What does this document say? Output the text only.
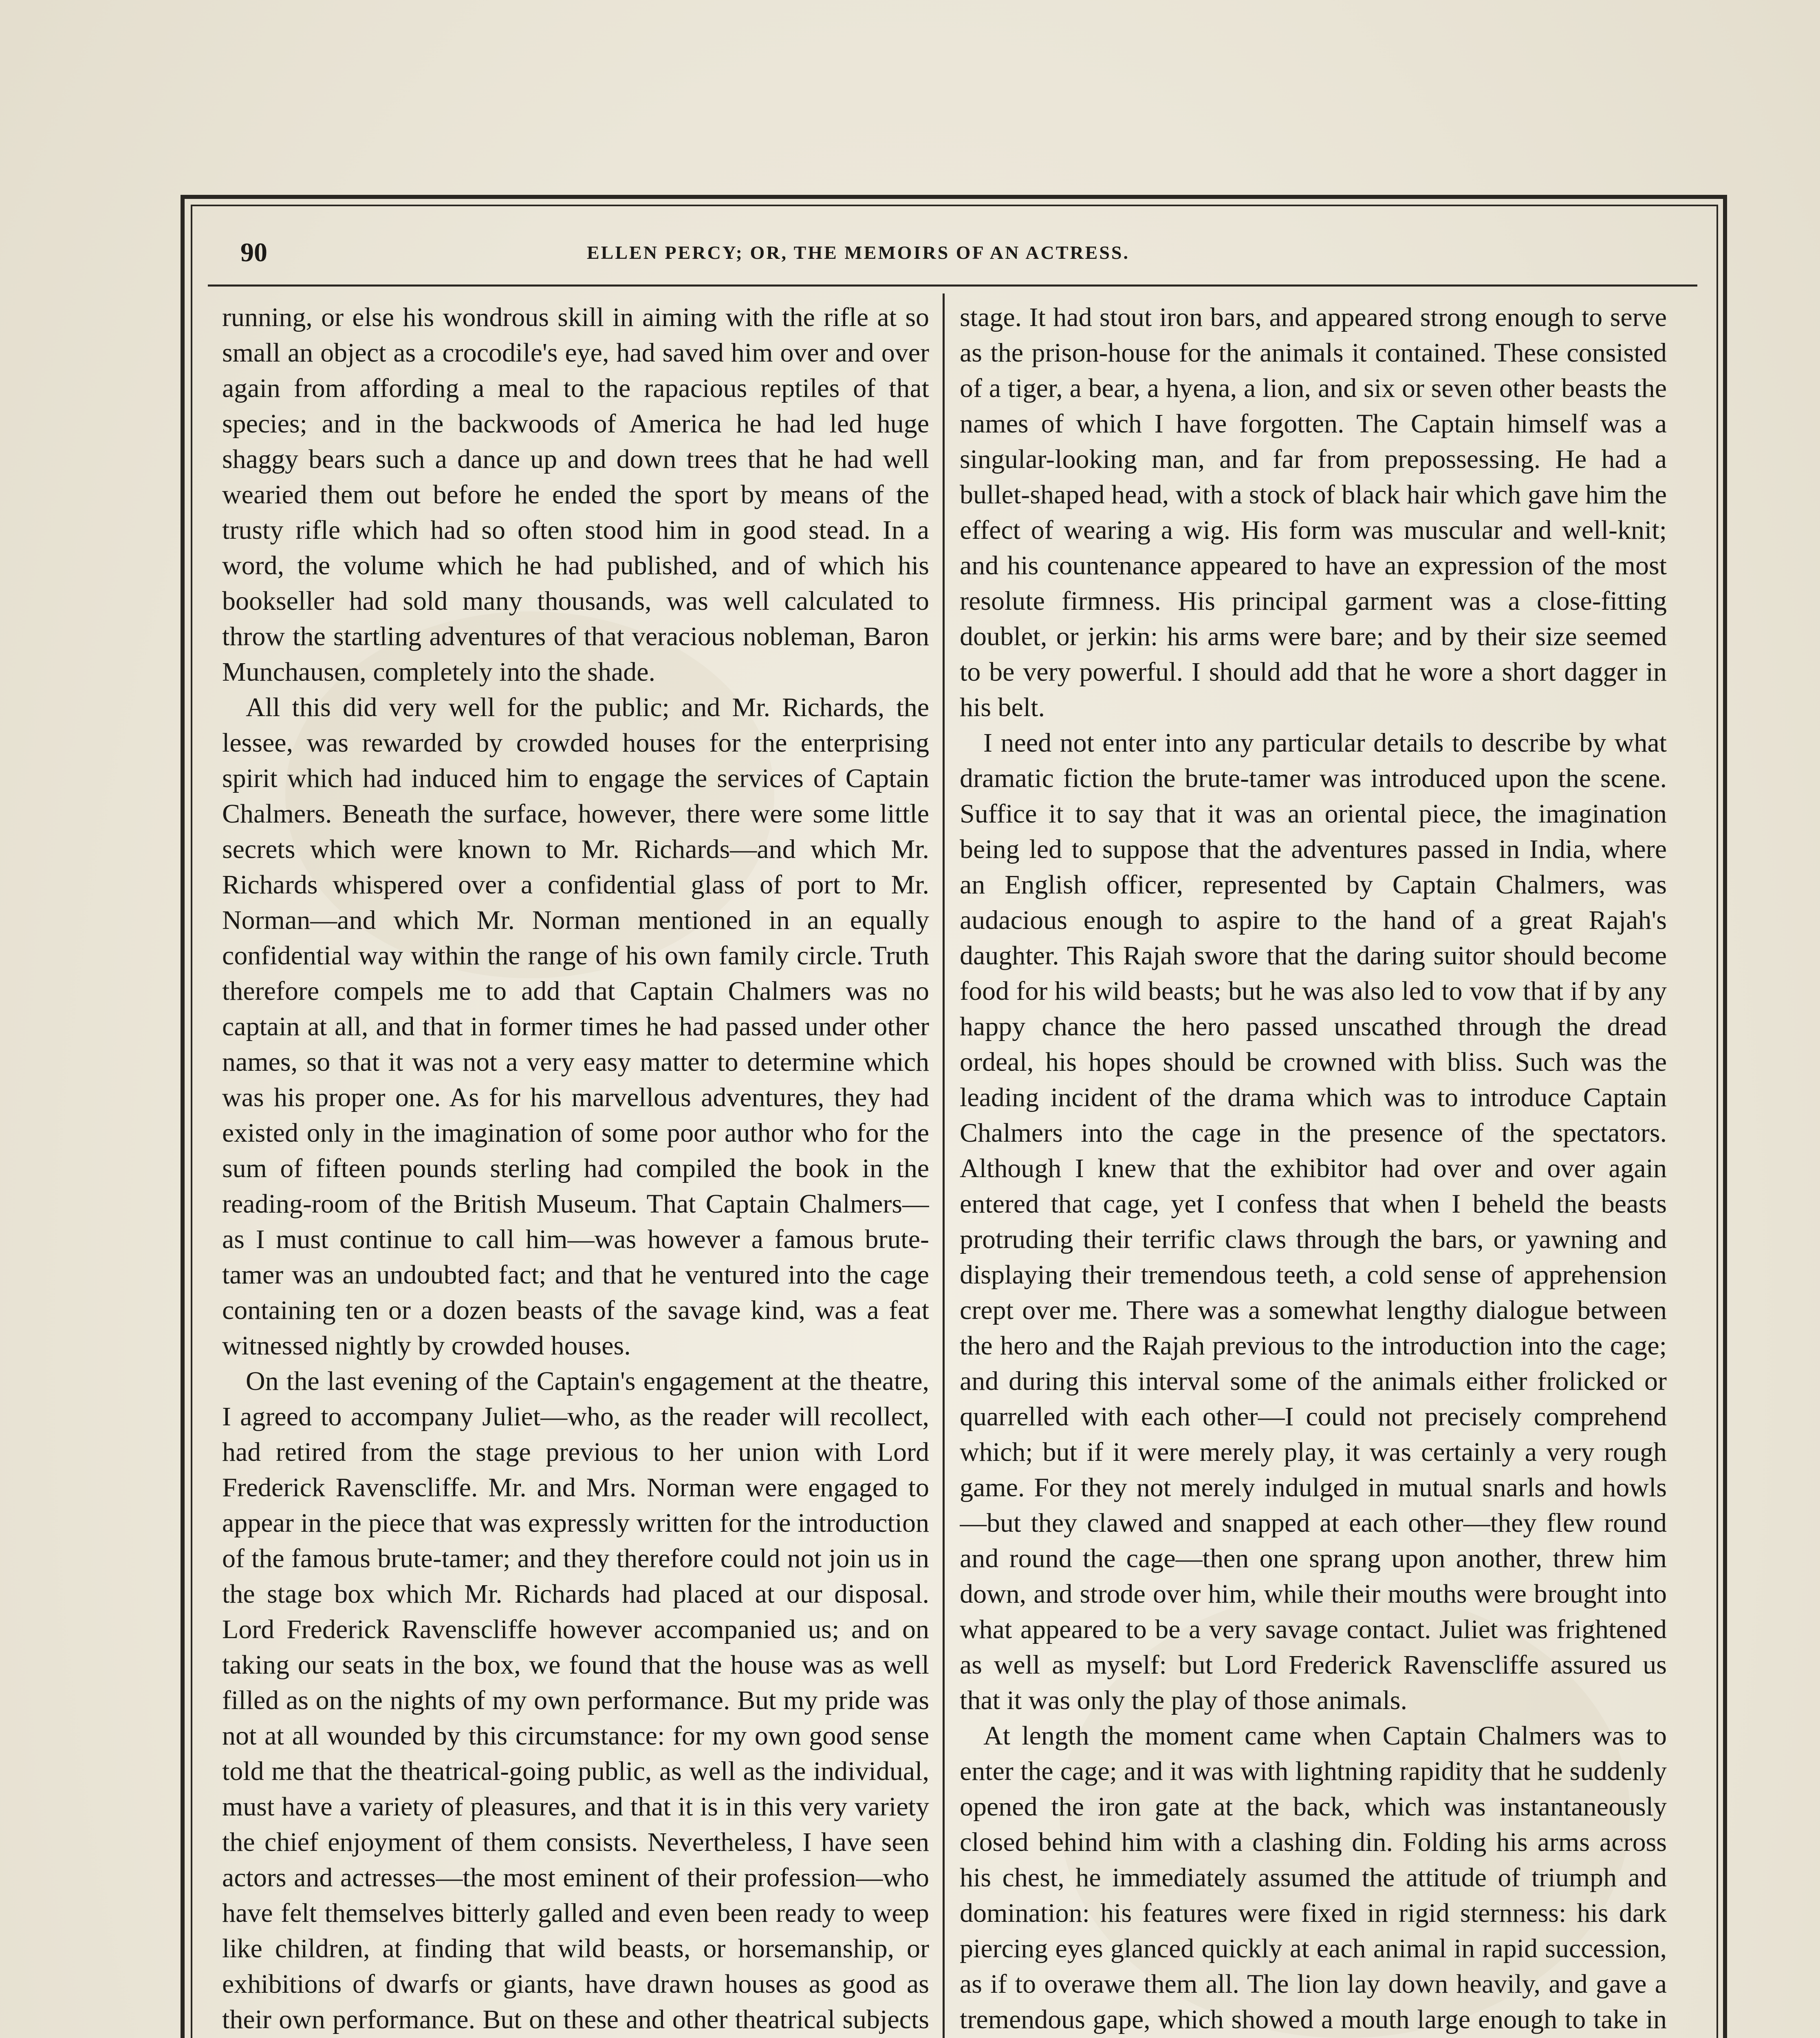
90	ELLEN PERCY; OR, THE MEMOIRS OF AN ACTRESS.

running, or else his wondrous skill in aiming with the rifle at so small an object as a crocodile's eye, had saved him over and over again from affording a meal to the rapacious reptiles of that species; and in the backwoods of America he had led huge shaggy bears such a dance up and down trees that he had well wearied them out before he ended the sport by means of the trusty rifle which had so often stood him in good stead. In a word, the volume which he had published, and of which his bookseller had sold many thousands, was well calculated to throw the startling adventures of that veracious nobleman, Baron Munchausen, completely into the shade.

All this did very well for the public; and Mr. Richards, the lessee, was rewarded by crowded houses for the enterprising spirit which had induced him to engage the services of Captain Chalmers. Beneath the surface, however, there were some little secrets which were known to Mr. Richards—and which Mr. Richards whispered over a confidential glass of port to Mr. Norman—and which Mr. Norman mentioned in an equally confidential way within the range of his own family circle. Truth therefore compels me to add that Captain Chalmers was no captain at all, and that in former times he had passed under other names, so that it was not a very easy matter to determine which was his proper one. As for his marvellous adventures, they had existed only in the imagination of some poor author who for the sum of fifteen pounds sterling had compiled the book in the reading-room of the British Museum. That Captain Chalmers—as I must continue to call him—was however a famous brute-tamer was an undoubted fact; and that he ventured into the cage containing ten or a dozen beasts of the savage kind, was a feat witnessed nightly by crowded houses.

On the last evening of the Captain's engagement at the theatre, I agreed to accompany Juliet—who, as the reader will recollect, had retired from the stage previous to her union with Lord Frederick Ravenscliffe. Mr. and Mrs. Norman were engaged to appear in the piece that was expressly written for the introduction of the famous brute-tamer; and they therefore could not join us in the stage box which Mr. Richards had placed at our disposal. Lord Frederick Ravenscliffe however accompanied us; and on taking our seats in the box, we found that the house was as well filled as on the nights of my own performance. But my pride was not at all wounded by this circumstance: for my own good sense told me that the theatrical-going public, as well as the individual, must have a variety of pleasures, and that it is in this very variety the chief enjoyment of them consists. Nevertheless, I have seen actors and actresses—the most eminent of their profession—who have felt themselves bitterly galled and even been ready to weep like children, at finding that wild beasts, or horsemanship, or exhibitions of dwarfs or giants, have drawn houses as good as their own performance. But on these and other theatrical subjects

stage. It had stout iron bars, and appeared strong enough to serve as the prison-house for the animals it contained. These consisted of a tiger, a bear, a hyena, a lion, and six or seven other beasts the names of which I have forgotten. The Captain himself was a singular-looking man, and far from prepossessing. He had a bullet-shaped head, with a stock of black hair which gave him the effect of wearing a wig. His form was muscular and well-knit; and his countenance appeared to have an expression of the most resolute firmness. His principal garment was a close-fitting doublet, or jerkin: his arms were bare; and by their size seemed to be very powerful. I should add that he wore a short dagger in his belt.

I need not enter into any particular details to describe by what dramatic fiction the brute-tamer was introduced upon the scene. Suffice it to say that it was an oriental piece, the imagination being led to suppose that the adventures passed in India, where an English officer, represented by Captain Chalmers, was audacious enough to aspire to the hand of a great Rajah's daughter. This Rajah swore that the daring suitor should become food for his wild beasts; but he was also led to vow that if by any happy chance the hero passed unscathed through the dread ordeal, his hopes should be crowned with bliss. Such was the leading incident of the drama which was to introduce Captain Chalmers into the cage in the presence of the spectators. Although I knew that the exhibitor had over and over again entered that cage, yet I confess that when I beheld the beasts protruding their terrific claws through the bars, or yawning and displaying their tremendous teeth, a cold sense of apprehension crept over me. There was a somewhat lengthy dialogue between the hero and the Rajah previous to the introduction into the cage; and during this interval some of the animals either frolicked or quarrelled with each other—I could not precisely comprehend which; but if it were merely play, it was certainly a very rough game. For they not merely indulged in mutual snarls and howls—but they clawed and snapped at each other—they flew round and round the cage—then one sprang upon another, threw him down, and strode over him, while their mouths were brought into what appeared to be a very savage contact. Juliet was frightened as well as myself: but Lord Frederick Ravenscliffe assured us that it was only the play of those animals.

At length the moment came when Captain Chalmers was to enter the cage; and it was with lightning rapidity that he suddenly opened the iron gate at the back, which was instantaneously closed behind him with a clashing din. Folding his arms across his chest, he immediately assumed the attitude of triumph and domination: his features were fixed in rigid sternness: his dark piercing eyes glanced quickly at each animal in rapid succession, as if to overawe them all. The lion lay down heavily, and gave a tremendous gape, which showed a mouth large enough to take in
